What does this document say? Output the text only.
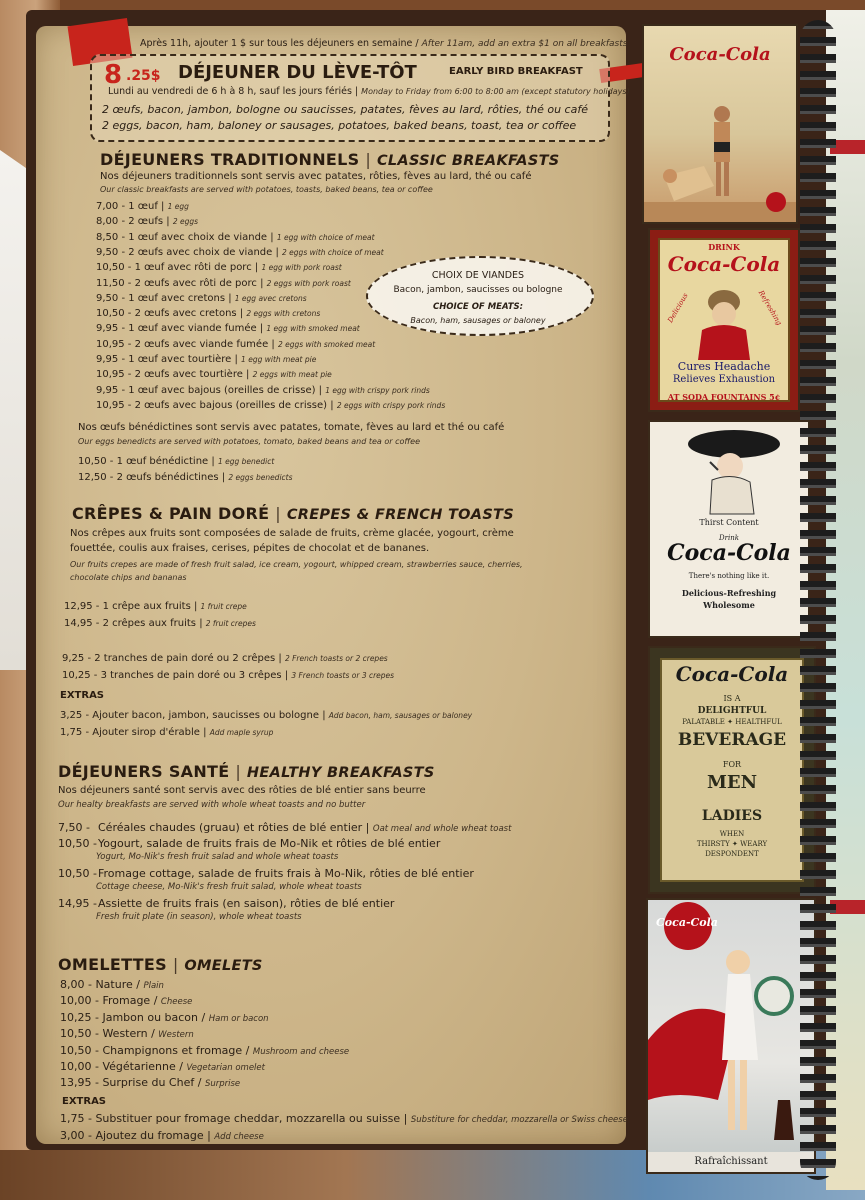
Après 11h, ajouter 1 $ sur tous les déjeuners en semaine / After 11am, add an extra $1 on all breakfasts
8 .25$ DÉJEUNER DU LÈVE-TÔT	EARLY BIRD BREAKFAST
Lundi au vendredi de 6 h à 8 h, sauf les jours fériés | Monday to Friday from 6:00 to 8:00 am (except statutory holidays)
2 œufs, bacon, jambon, bologne ou saucisses, patates, fèves au lard, rôties, thé ou café
2 eggs, bacon, ham, baloney or sausages, potatoes, baked beans, toast, tea or coffee
DÉJEUNERS TRADITIONNELS | CLASSIC BREAKFASTS
Nos déjeuners traditionnels sont servis avec patates, rôties, fèves au lard, thé ou café
Our classic breakfasts are served with potatoes, toasts, baked beans, tea or coffee
7,00 - 1 œuf | 1 egg
8,00 - 2 œufs | 2 eggs
8,50 - 1 œuf avec choix de viande | 1 egg with choice of meat
9,50 - 2 œufs avec choix de viande | 2 eggs with choice of meat
10,50 - 1 œuf avec rôti de porc | 1 egg with pork roast
11,50 - 2 œufs avec rôti de porc | 2 eggs with pork roast
9,50 - 1 œuf avec cretons | 1 egg avec cretons
10,50 - 2 œufs avec cretons | 2 eggs with cretons
9,95 - 1 œuf avec viande fumée | 1 egg with smoked meat
10,95 - 2 œufs avec viande fumée | 2 eggs with smoked meat
9,95 - 1 œuf avec tourtière | 1 egg with meat pie
10,95 - 2 œufs avec tourtière | 2 eggs with meat pie
9,95 - 1 œuf avec bajous (oreilles de crisse) | 1 egg with crispy pork rinds
10,95 - 2 œufs avec bajous (oreilles de crisse) | 2 eggs with crispy pork rinds
CHOIX DE VIANDES
Bacon, jambon, saucisses ou bologne
CHOICE OF MEATS:
Bacon, ham, sausages or baloney
Nos œufs bénédictines sont servis avec patates, tomate, fèves au lard et thé ou café
Our eggs benedicts are served with potatoes, tomato, baked beans and tea or coffee
10,50 - 1 œuf bénédictine | 1 egg benedict
12,50 - 2 œufs bénédictines | 2 eggs benedicts
CRÊPES & PAIN DORÉ | CREPES & FRENCH TOASTS
Nos crêpes aux fruits sont composées de salade de fruits, crème glacée, yogourt, crème
fouettée, coulis aux fraises, cerises, pépites de chocolat et de bananes.
Our fruits crepes are made of fresh fruit salad, ice cream, yogourt, whipped cream, strawberries sauce, cherries,
chocolate chips and bananas
12,95 - 1 crêpe aux fruits | 1 fruit crepe
14,95 - 2 crêpes aux fruits | 2 fruit crepes
9,25 - 2 tranches de pain doré ou 2 crêpes | 2 French toasts or 2 crepes
10,25 - 3 tranches de pain doré ou 3 crêpes | 3 French toasts or 3 crepes
EXTRAS
3,25 - Ajouter bacon, jambon, saucisses ou bologne | Add bacon, ham, sausages or baloney
1,75 - Ajouter sirop d'érable | Add maple syrup
DÉJEUNERS SANTÉ | HEALTHY BREAKFASTS
Nos déjeuners santé sont servis avec des rôties de blé entier sans beurre
Our healty breakfasts are served with whole wheat toasts and no butter
7,50 - Céréales chaudes (gruau) et rôties de blé entier | Oat meal and whole wheat toast
10,50 -Yogourt, salade de fruits frais de Mo-Nik et rôties de blé entier
Yogurt, Mo-Nik's fresh fruit salad and whole wheat toasts
10,50 -Fromage cottage, salade de fruits frais à Mo-Nik, rôties de blé entier
Cottage cheese, Mo-Nik's fresh fruit salad, whole wheat toasts
14,95 -Assiette de fruits frais (en saison), rôties de blé entier
Fresh fruit plate (in season), whole wheat toasts
OMELETTES | OMELETS
8,00 - Nature / Plain
10,00 - Fromage / Cheese
10,25 - Jambon ou bacon / Ham or bacon
10,50 - Western / Western
10,50 - Champignons et fromage / Mushroom and cheese
10,00 - Végétarienne / Vegetarian omelet
13,95 - Surprise du Chef / Surprise
EXTRAS
1,75 - Substituer pour fromage cheddar, mozzarella ou suisse | Substiture for cheddar, mozzarella or Swiss cheese
3,00 - Ajoutez du fromage | Add cheese
Coca-Cola
DRINK
Coca-Cola
Delicious	Refreshing
Cures Headache
Relieves Exhaustion
AT SODA FOUNTAINS 5¢
Thirst Content
Drink
Coca-Cola
There's nothing like it.
Delicious-Refreshing
Wholesome
Coca-Cola
IS A
DELIGHTFUL
PALATABLE ✦ HEALTHFUL
BEVERAGE
FOR
MEN
LADIES
WHEN
THIRSTY ✦ WEARY
DESPONDENT
Coca-Cola
Rafraîchissant
